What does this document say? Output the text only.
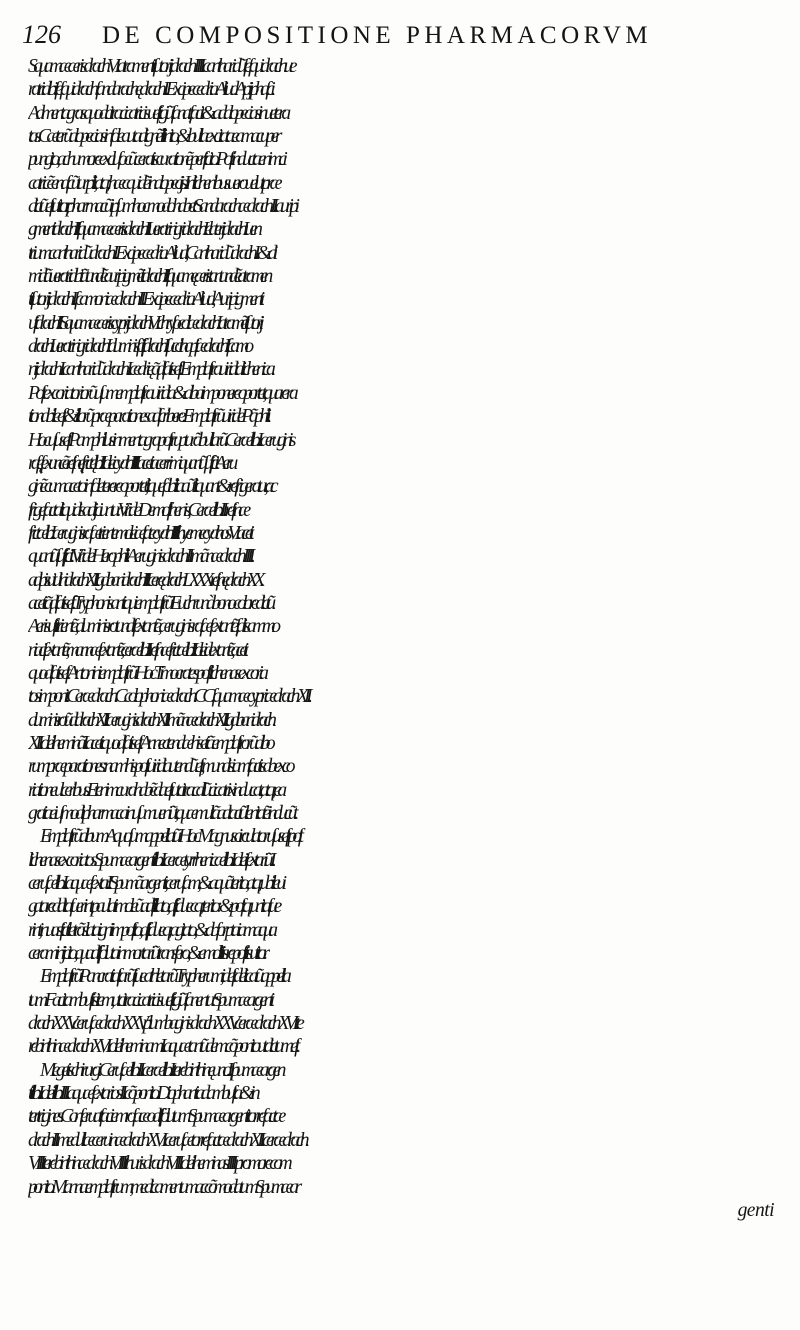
126	DE COMPOSITIONE PHARMACORVM
Squamæ æris drach. VI.atramenti ſutorij drach. IIII. cantharidũ ſeſquidrach.ue
ratri albi ſeſquidrach. ſandarachę drach. I. Excipe cedria. Aliud Apij phaſci.
Ad mentagras quod citra cicatricis ueſtigiũ ſanat, facit & ad alopecias inuetera
tas. Cæterũ alopecias in ſole aut ad ignẽ illinito, & bulla excitata eam acu per
pungito, ac humore excluſo cũ ceratis curationẽ perficito. Poſt inducta enim ci
catricẽ enaſcũtur pili, atq; hæc quidẽ in alopecijs. In lichenibus uero uelut præ
dictũ eſt utitor, pharmacũ ipſum hoc modo habet. Sandarachæ drach. II. auripi
gmenti drach. II. ſquamæ æris drach. II. ueratri nigri drach. I. elaterij drach. I. uen
trium cantharidũ drach. I. Excipe cedria. Aliud, Cantharidũ drach. I. & di
midiã. ueratri albi tãtundẽ. auripigmẽti drach. II. ſquamę æris tantundẽ. atramen
ti ſutorij drach. I. ſcamoniæ drach. II. Excipe cedria. Aliud, Auripigmenti
uſti drach. II. Squamæ æris cyprij drach. VI. chryſocollæ drach. I. atramẽti ſutorij
drach. I. ueratri nigri drach. I aluminis ſciſſi drach. I. ſucci thapſiæ drach. I. ſcamo
nij drach. I. cantharidũ drach. I. cedrię q̃d ſatis eſt. Emplaſtra uiridia lichenica.
Poſt excoriatoriorũ uſum emplaſtra uiridia & alba imponere oportet, quare ra
tionabile eſt & illorũ præparationes adſcribere. Emplaſtrũ uiride Pãphili.
Hoc uſus eſt Pamphilus in mentagra poſt rupturã bullarũ. Ceræ lib. I. æruginis
raſę ſexunc ẽ. reſinę frictę lib. II. olei cyath. IIII. aceti acerrimi quantũ ſufficit. Aeru
ginẽ cum aceto in ſole terere oportet, liqueſcibilia aũt liquant & refrigeratur, ac
frigefacta liquidis adijciuntur. Viride Demoſthenis, Ceræ lib. II. reſinæ
frictæ lib. I. æruginis raſæ trientem. olei æſtate cyath. IIII. hyeme cyathos VI. aceti
quantũ ſufficit. Viride Herophili. Aeruginis drach. II. mãnæ drach. IIII.
adipis uitulini drach. XII. galbani drach. III. cerę drach. LXXX. reſinę drach. XX.
aceti q̃d ſatis eſt. Tryphonis antiqui emplaſtrũ Euchrun à bono colore dictũ.
Aeris uſti trientẽ, aluminis rotundi ſextantẽ, æruginis raſæ ſextantẽ, ſalis ammo
niaci ſextantẽ, mannæ ſextantẽ, ceræ lib. II. reſinæ frictæ lib. II. olei dextantẽ, aceti
quod ſatis eſt. Antonini emplaſtrũ. Hoc Timocrates poſt lichenas excoria
tos imponit. Ceræ drach. C. colophoniæ drach. CC. ſquamæ cypriæ drach. XII.
aluminis rotũdi drach. XII. æruginis drach. XII. mãnæ drach. XII. galbani drach.
XII. olei heminã I. aceti quod ſatis eſt. Annectendæ his etiã emplaſtrorũ albo
rum præparationes: nam his poſt uiridia utendũ eſt, mundis iam factis ab exco
riatione ulceribus. Etenim cura habẽda eſt ut citra callũ cicatrix inducat, atq; ea
gratia eiuſmodi pharmaca in uſum ueniũt, quæ multã ad tactũ lenitatẽ inducũt.
Emplaſtrũ album Aquoſum appellatũ. Hoc Magnus circulator uſus eſt poſt
lichenas excoriatos. Spumæ argenti lib. I. ceræ tyrrhenicæ lib. I. olei ſextariũ. I.
ceruſæ lib. I. aquæ ſextar. I. Spumã argenti, ceruſam, & aquã terito, atq; ubi leui
gata reddita fuerint, paulatim oleũ adſtillato, aſſiduecq; terito: & poſtq; unita fue
rint, in uas fictile trãslata igni impoſito, aſſidueq; agitato, & abſorpta iam aqua
ceram inijcito, qua diſſoluta in mortariũ transfero, & emollitis repoſitis utitor.
Emplaſtrũ Pancratiaſtarũ ſiue athletarũ Trypherum, id eſt delicatũ appella
tum. Facit ambuſtis item, ut citra cicatricis ueſtigiũ ſanentur. Spumæ argenti
drach. XXV. ceruſæ drach. XXV. plumbaginis drach. XXV. ceræ drach. XVI. te
rebinthinæ drach. XVI. olei heminam I. aquæ tantũdem. cõponito ut dictum eſt.
Megetis chirurgi. Ceruſæ lib. II. ceræ lib. I. terebinthinę unc. I. ſpumæ argen
ti lib. I. olei lib. III. aquæ ſextarios II. cõponito. Diophanti ad ambuſta & in
tertrigines. Conſeruat faciem roſaceo diſſolutum. Spumæ argenti torrefactæ
drach. II. medullæ ceruinæ drach. XVI. ceruſæ torrefactæ drach. XII. ceræ drach.
VIII. terebinthinæ drach. VIII. thuris drach. VIII. olei heminas IIII. pro more com
ponito. Manna emplaſtrum, medicamentum accõmodatum. Spumæ ar
genti
